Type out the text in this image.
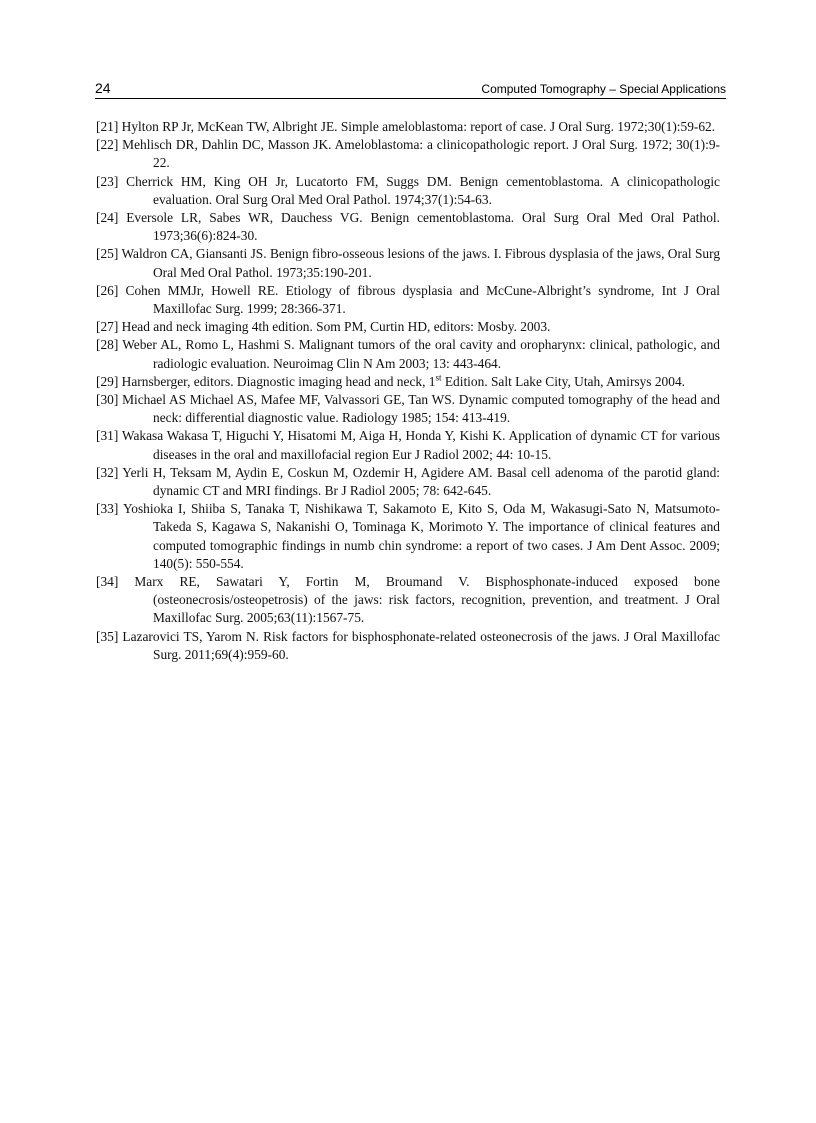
24	Computed Tomography – Special Applications

[21] Hylton RP Jr, McKean TW, Albright JE. Simple ameloblastoma: report of case. J Oral Surg. 1972;30(1):59-62.

[22] Mehlisch DR, Dahlin DC, Masson JK. Ameloblastoma: a clinicopathologic report. J Oral Surg. 1972; 30(1):9-22.

[23] Cherrick HM, King OH Jr, Lucatorto FM, Suggs DM. Benign cementoblastoma. A clinicopathologic evaluation. Oral Surg Oral Med Oral Pathol. 1974;37(1):54-63.

[24] Eversole LR, Sabes WR, Dauchess VG. Benign cementoblastoma. Oral Surg Oral Med Oral Pathol. 1973;36(6):824-30.

[25] Waldron CA, Giansanti JS. Benign fibro-osseous lesions of the jaws. I. Fibrous dysplasia of the jaws, Oral Surg Oral Med Oral Pathol. 1973;35:190-201.

[26] Cohen MMJr, Howell RE. Etiology of fibrous dysplasia and McCune-Albright’s syndrome, Int J Oral Maxillofac Surg. 1999; 28:366-371.

[27] Head and neck imaging 4th edition. Som PM, Curtin HD, editors: Mosby. 2003.

[28] Weber AL, Romo L, Hashmi S. Malignant tumors of the oral cavity and oropharynx: clinical, pathologic, and radiologic evaluation. Neuroimag Clin N Am 2003; 13: 443-464.

[29] Harnsberger, editors. Diagnostic imaging head and neck, 1st Edition. Salt Lake City, Utah, Amirsys 2004.

[30] Michael AS Michael AS, Mafee MF, Valvassori GE, Tan WS. Dynamic computed tomography of the head and neck: differential diagnostic value. Radiology 1985; 154: 413-419.

[31] Wakasa Wakasa T, Higuchi Y, Hisatomi M, Aiga H, Honda Y, Kishi K. Application of dynamic CT for various diseases in the oral and maxillofacial region Eur J Radiol 2002; 44: 10-15.

[32] Yerli H, Teksam M, Aydin E, Coskun M, Ozdemir H, Agidere AM. Basal cell adenoma of the parotid gland: dynamic CT and MRI findings. Br J Radiol 2005; 78: 642-645.

[33] Yoshioka I, Shiiba S, Tanaka T, Nishikawa T, Sakamoto E, Kito S, Oda M, Wakasugi-Sato N, Matsumoto-Takeda S, Kagawa S, Nakanishi O, Tominaga K, Morimoto Y. The importance of clinical features and computed tomographic findings in numb chin syndrome: a report of two cases. J Am Dent Assoc. 2009; 140(5): 550-554.

[34] Marx RE, Sawatari Y, Fortin M, Broumand V. Bisphosphonate-induced exposed bone (osteonecrosis/osteopetrosis) of the jaws: risk factors, recognition, prevention, and treatment. J Oral Maxillofac Surg. 2005;63(11):1567-75.

[35] Lazarovici TS, Yarom N. Risk factors for bisphosphonate-related osteonecrosis of the jaws. J Oral Maxillofac Surg. 2011;69(4):959-60.
